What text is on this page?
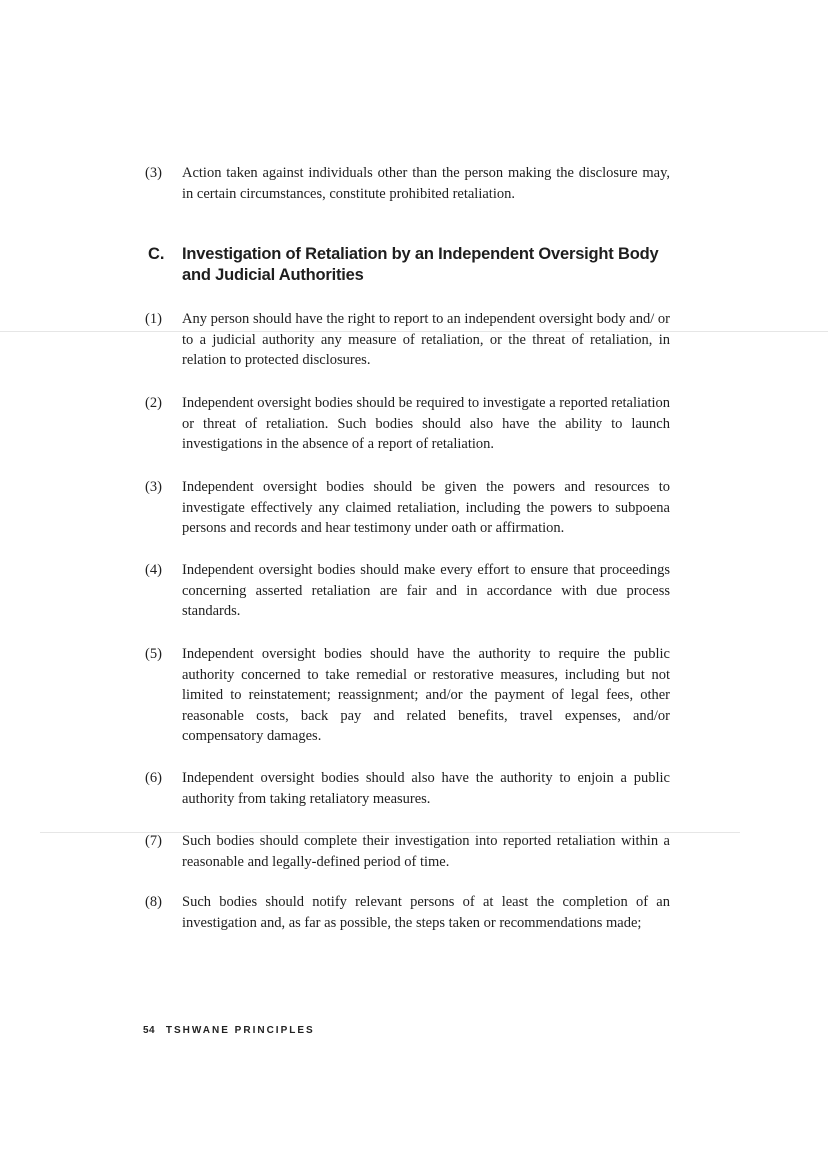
(3) Action taken against individuals other than the person making the disclosure may, in certain circumstances, constitute prohibited retaliation.
C. Investigation of Retaliation by an Independent Oversight Body and Judicial Authorities
(1) Any person should have the right to report to an independent oversight body and/ or to a judicial authority any measure of retaliation, or the threat of retaliation, in relation to protected disclosures.
(2) Independent oversight bodies should be required to investigate a reported retaliation or threat of retaliation. Such bodies should also have the ability to launch investigations in the absence of a report of retaliation.
(3) Independent oversight bodies should be given the powers and resources to investigate effectively any claimed retaliation, including the powers to subpoena persons and records and hear testimony under oath or affirmation.
(4) Independent oversight bodies should make every effort to ensure that proceedings concerning asserted retaliation are fair and in accordance with due process standards.
(5) Independent oversight bodies should have the authority to require the public authority concerned to take remedial or restorative measures, including but not limited to reinstatement; reassignment; and/or the payment of legal fees, other reasonable costs, back pay and related benefits, travel expenses, and/or compensatory damages.
(6) Independent oversight bodies should also have the authority to enjoin a public authority from taking retaliatory measures.
(7) Such bodies should complete their investigation into reported retaliation within a reasonable and legally-defined period of time.
(8) Such bodies should notify relevant persons of at least the completion of an investigation and, as far as possible, the steps taken or recommendations made;
54 TSHWANE PRINCIPLES
